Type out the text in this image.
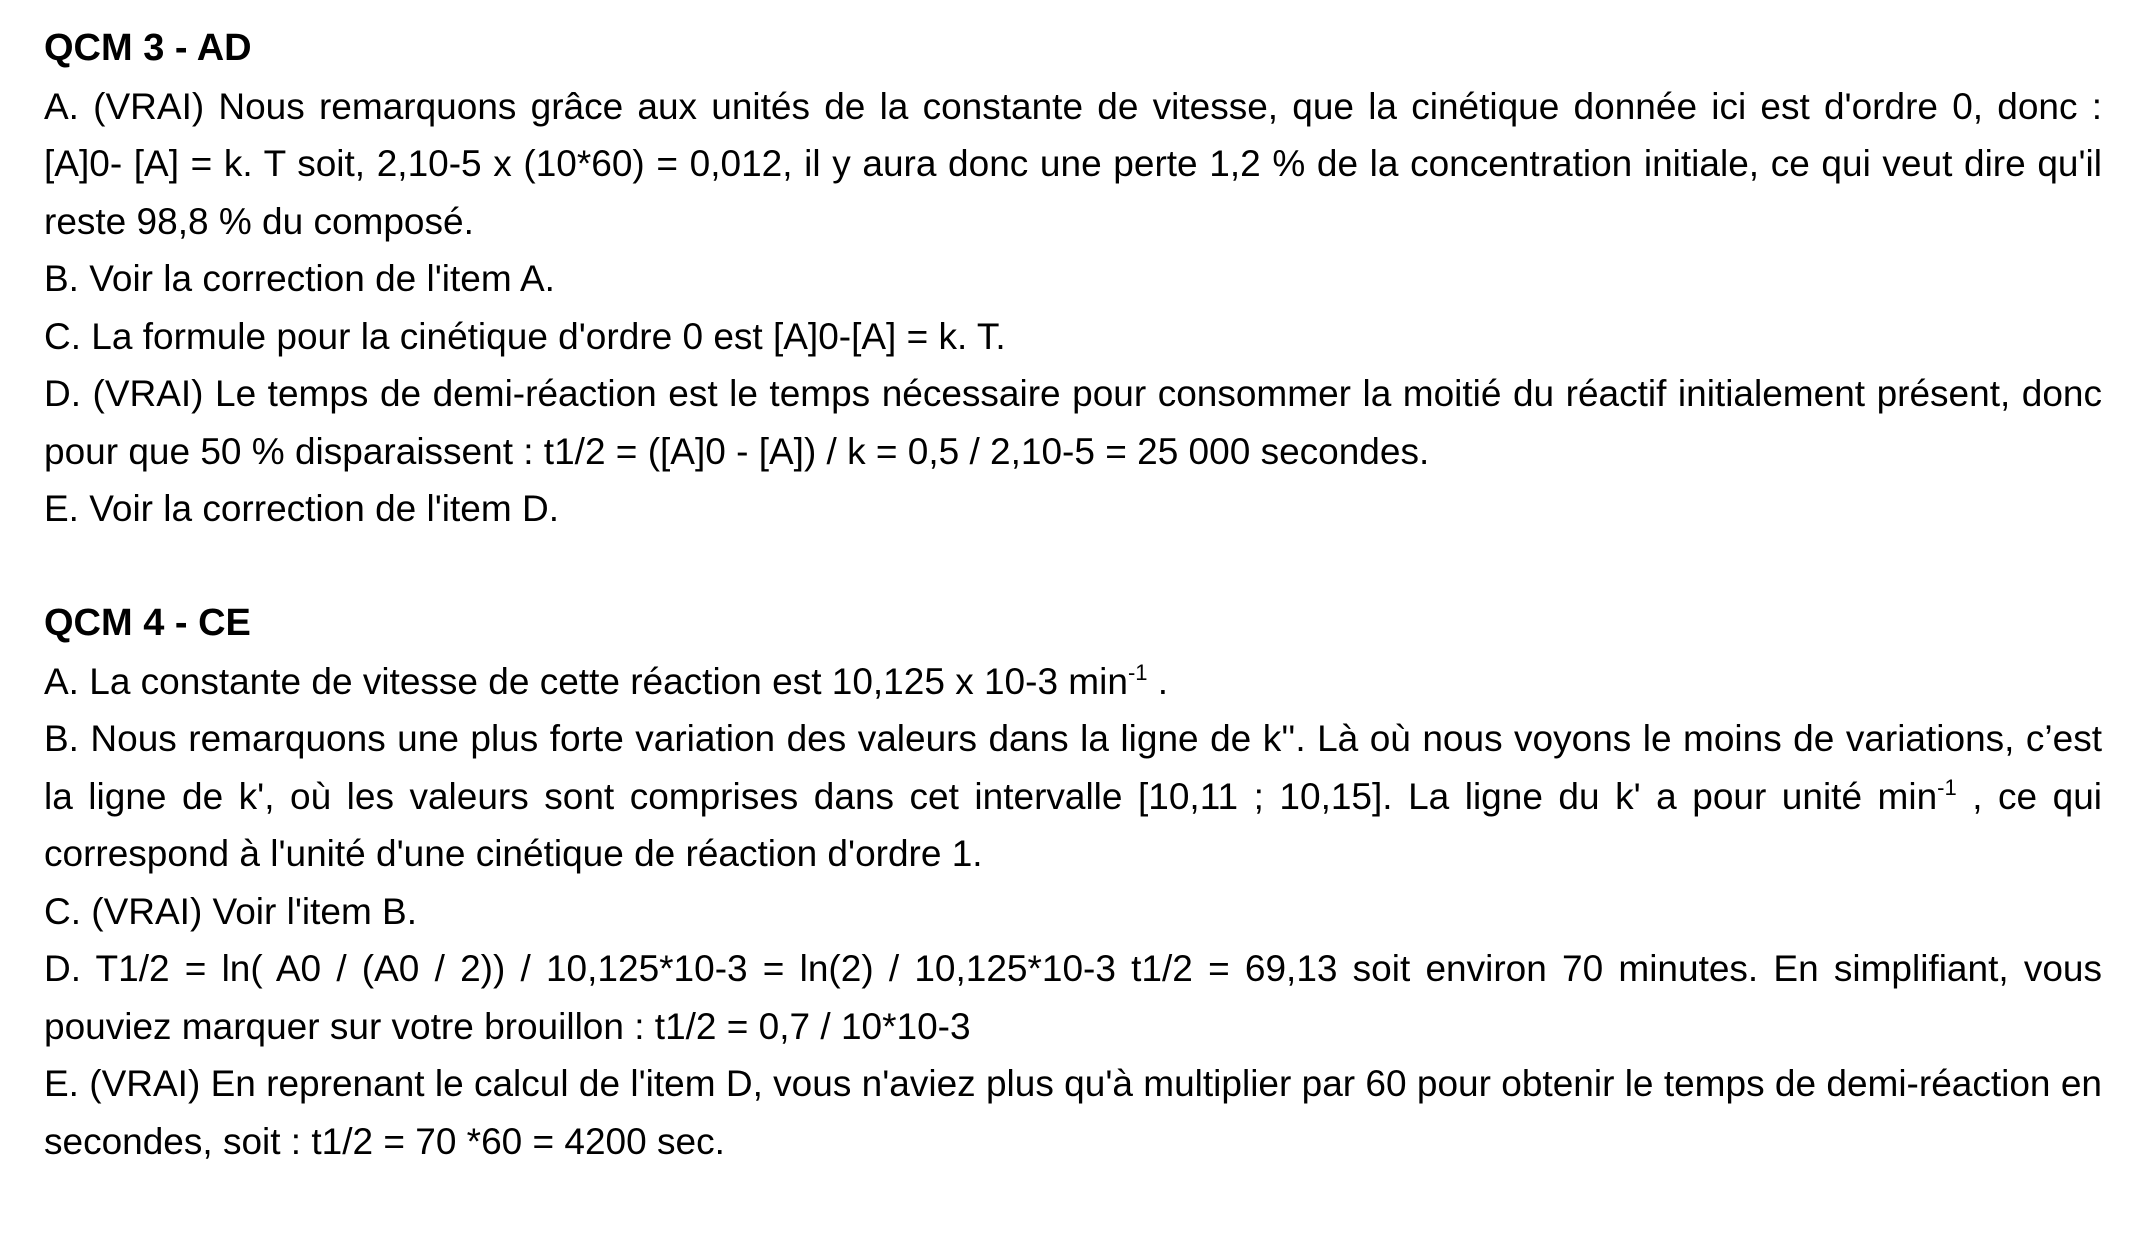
QCM 3 - AD

A. (VRAI) Nous remarquons grâce aux unités de la constante de vitesse, que la cinétique donnée ici est d'ordre 0, donc : [A]0- [A] = k. T soit, 2,10-5 x (10*60) = 0,012, il y aura donc une perte 1,2 % de la concentration initiale, ce qui veut dire qu'il reste 98,8 % du composé.

B. Voir la correction de l'item A.

C. La formule pour la cinétique d'ordre 0 est [A]0-[A] = k. T.

D. (VRAI) Le temps de demi-réaction est le temps nécessaire pour consommer la moitié du réactif initialement présent, donc pour que 50 % disparaissent : t1/2 = ([A]0 - [A]) / k = 0,5 / 2,10-5 = 25 000 secondes.

E. Voir la correction de l'item D.

QCM 4 - CE

A. La constante de vitesse de cette réaction est 10,125 x 10-3 $\min^{-1}$ .

B. Nous remarquons une plus forte variation des valeurs dans la ligne de k''. Là où nous voyons le moins de variations, c’est la ligne de k', où les valeurs sont comprises dans cet intervalle [10,11 ; 10,15]. La ligne du k' a pour unité $\min^{-1}$ , ce qui correspond à l'unité d'une cinétique de réaction d'ordre 1.

C. (VRAI) Voir l'item B.

D. T1/2 = ln( A0 / (A0 / 2)) / 10,125*10-3 = ln(2) / 10,125*10-3 t1/2 = 69,13 soit environ 70 minutes. En simplifiant, vous pouviez marquer sur votre brouillon : t1/2 = 0,7 / 10*10-3

E. (VRAI) En reprenant le calcul de l'item D, vous n'aviez plus qu'à multiplier par 60 pour obtenir le temps de demi-réaction en secondes, soit : t1/2 = 70 *60 = 4200 sec.
